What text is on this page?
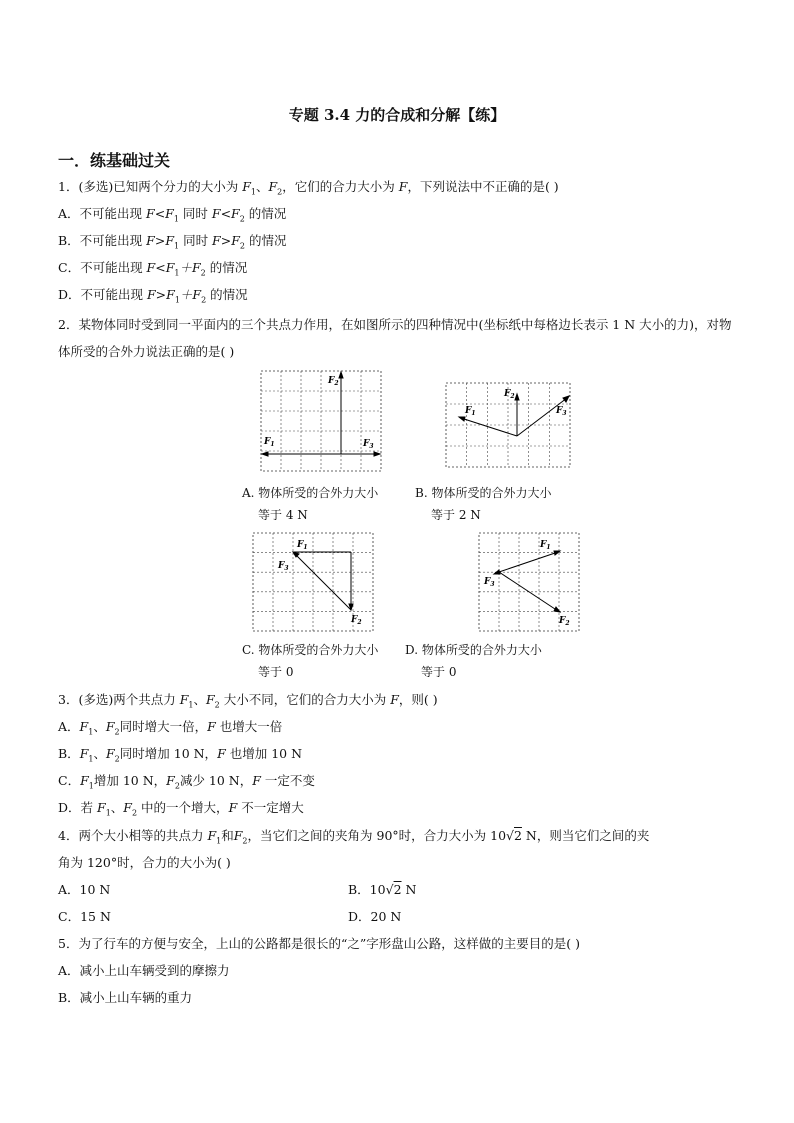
专题 3.4 力的合成和分解【练】
一．练基础过关
1．(多选)已知两个分力的大小为 $F_1$、$F_2$，它们的合力大小为 F，下列说法中不正确的是( )
A．不可能出现 $F<F_1$ 同时 $F<F_2$ 的情况
B．不可能出现 $F>F_1$ 同时 $F>F_2$ 的情况
C．不可能出现 $F<F_1+F_2$ 的情况
D．不可能出现 $F>F_1+F_2$ 的情况
2．某物体同时受到同一平面内的三个共点力作用，在如图所示的四种情况中(坐标纸中每格边长表示 1 N 大小的力)，对物体所受的合外力说法正确的是( )
$F_1$	$F_3$
$F_2$
$F_1$
$F_2$
$F_3$
A. 物体所受的合外力大小
等于 4 N
B. 物体所受的合外力大小
等于 2 N
$F_1$
$F_3$
$F_2$
$F_1$
$F_3$
$F_2$
C. 物体所受的合外力大小
等于 0
D. 物体所受的合外力大小
等于 0
3．(多选)两个共点力 $F_1$、$F_2$ 大小不同，它们的合力大小为 F，则( )
A．$F_1$、$F_2$同时增大一倍，F 也增大一倍
B．$F_1$、$F_2$同时增加 10 N，F 也增加 10 N
C．$F_1$增加 10 N，$F_2$减少 10 N，F 一定不变
D．若 $F_1$、$F_2$ 中的一个增大，F 不一定增大
4．两个大小相等的共点力 $F_1$和$F_2$，当它们之间的夹角为 90°时，合力大小为 10√2 N，则当它们之间的夹
角为 120°时，合力的大小为( )
A．10 N	B．10√2 N
C．15 N	D．20 N
5．为了行车的方便与安全，上山的公路都是很长的“之”字形盘山公路，这样做的主要目的是( )
A．减小上山车辆受到的摩擦力
B．减小上山车辆的重力
